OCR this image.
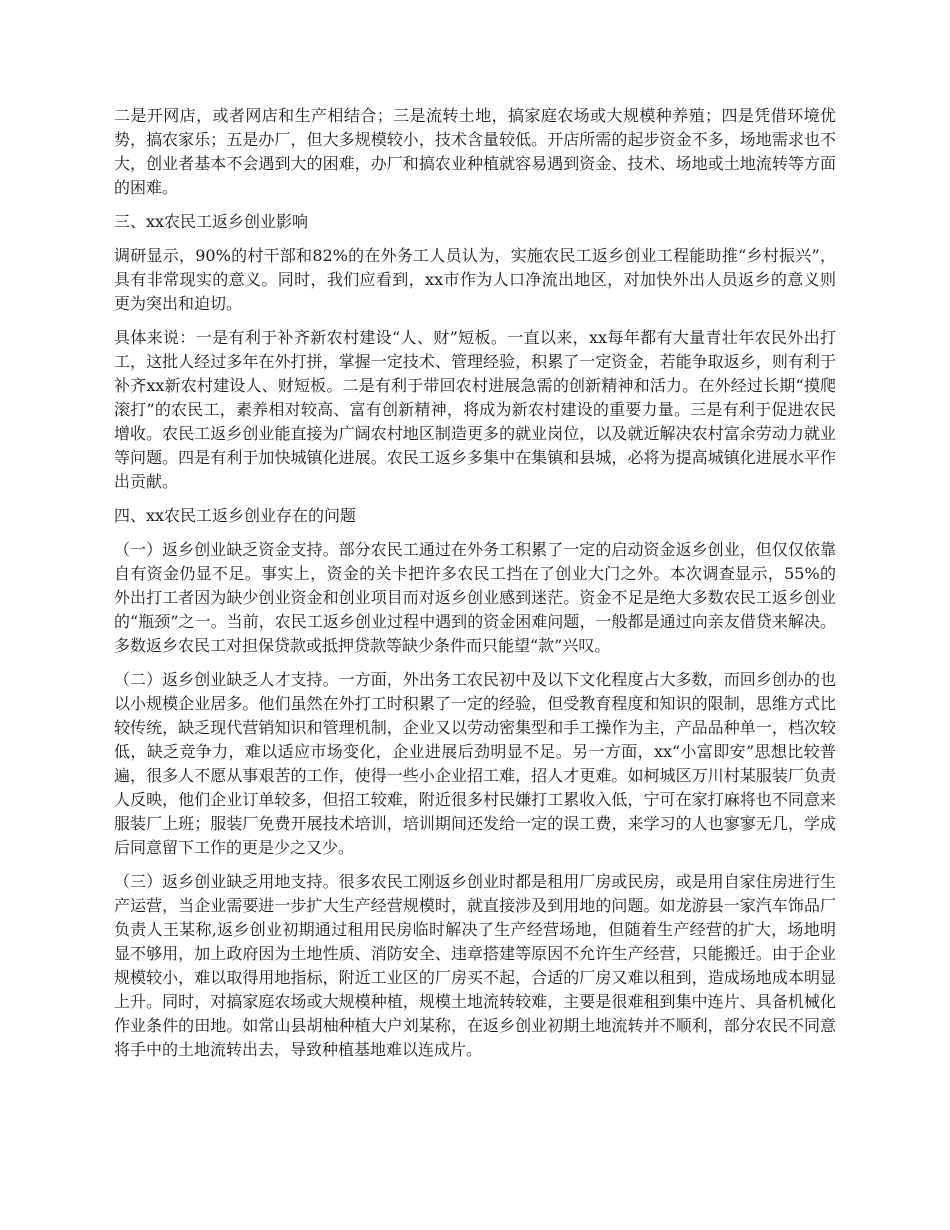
二是开网店，或者网店和生产相结合；三是流转土地，搞家庭农场或大规模种养殖；四是凭借环境优势，搞农家乐；五是办厂，但大多规模较小，技术含量较低。开店所需的起步资金不多，场地需求也不大，创业者基本不会遇到大的困难，办厂和搞农业种植就容易遇到资金、技术、场地或土地流转等方面的困难。

三、xx农民工返乡创业影响

调研显示，90%的村干部和82%的在外务工人员认为，实施农民工返乡创业工程能助推“乡村振兴”，具有非常现实的意义。同时，我们应看到，xx市作为人口净流出地区，对加快外出人员返乡的意义则更为突出和迫切。

具体来说：一是有利于补齐新农村建设“人、财”短板。一直以来，xx每年都有大量青壮年农民外出打工，这批人经过多年在外打拼，掌握一定技术、管理经验，积累了一定资金，若能争取返乡，则有利于补齐xx新农村建设人、财短板。二是有利于带回农村进展急需的创新精神和活力。在外经过长期“摸爬滚打”的农民工，素养相对较高、富有创新精神，将成为新农村建设的重要力量。三是有利于促进农民增收。农民工返乡创业能直接为广阔农村地区制造更多的就业岗位，以及就近解决农村富余劳动力就业等问题。四是有利于加快城镇化进展。农民工返乡多集中在集镇和县城，必将为提高城镇化进展水平作出贡献。

四、xx农民工返乡创业存在的问题

（一）返乡创业缺乏资金支持。部分农民工通过在外务工积累了一定的启动资金返乡创业，但仅仅依靠自有资金仍显不足。事实上，资金的关卡把许多农民工挡在了创业大门之外。本次调查显示，55%的外出打工者因为缺少创业资金和创业项目而对返乡创业感到迷茫。资金不足是绝大多数农民工返乡创业的“瓶颈”之一。当前，农民工返乡创业过程中遇到的资金困难问题，一般都是通过向亲友借贷来解决。多数返乡农民工对担保贷款或抵押贷款等缺少条件而只能望“款”兴叹。

（二）返乡创业缺乏人才支持。一方面，外出务工农民初中及以下文化程度占大多数，而回乡创办的也以小规模企业居多。他们虽然在外打工时积累了一定的经验，但受教育程度和知识的限制，思维方式比较传统，缺乏现代营销知识和管理机制，企业又以劳动密集型和手工操作为主，产品品种单一，档次较低，缺乏竞争力，难以适应市场变化，企业进展后劲明显不足。另一方面，xx“小富即安”思想比较普遍，很多人不愿从事艰苦的工作，使得一些小企业招工难，招人才更难。如柯城区万川村某服装厂负责人反映，他们企业订单较多，但招工较难，附近很多村民嫌打工累收入低，宁可在家打麻将也不同意来服装厂上班；服装厂免费开展技术培训，培训期间还发给一定的误工费，来学习的人也寥寥无几，学成后同意留下工作的更是少之又少。

（三）返乡创业缺乏用地支持。很多农民工刚返乡创业时都是租用厂房或民房，或是用自家住房进行生产运营，当企业需要进一步扩大生产经营规模时，就直接涉及到用地的问题。如龙游县一家汽车饰品厂负责人王某称,返乡创业初期通过租用民房临时解决了生产经营场地，但随着生产经营的扩大，场地明显不够用，加上政府因为土地性质、消防安全、违章搭建等原因不允许生产经营，只能搬迁。由于企业规模较小，难以取得用地指标，附近工业区的厂房买不起，合适的厂房又难以租到，造成场地成本明显上升。同时，对搞家庭农场或大规模种植，规模土地流转较难，主要是很难租到集中连片、具备机械化作业条件的田地。如常山县胡柚种植大户刘某称，在返乡创业初期土地流转并不顺利，部分农民不同意将手中的土地流转出去，导致种植基地难以连成片。
